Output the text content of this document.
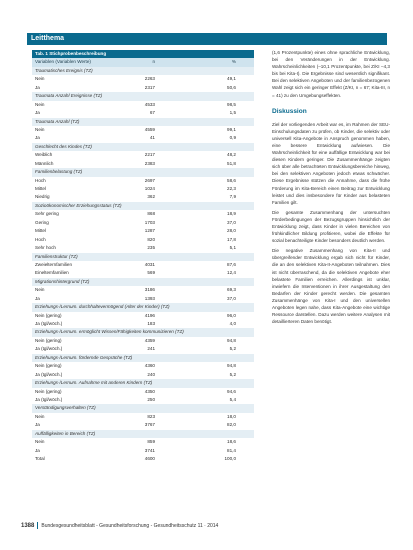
Leitthema
Tab. 1 Stichprobenbeschreibung
Variablen (Variablen Werte)	n	%
Traumatisches Ereignis (TZ)
Nein	2263	49,1
Ja	2317	50,6
Traumata Anzahl Ereignisse (TZ)
Nein	4533	98,5
Ja	67	1,5
Traumata Anzahl (TZ)
Nein	4559	99,1
Ja	41	0,9
Geschlecht des Kindes (TZ)
Weiblich	2217	48,2
Männlich	2383	51,8
Familienbelastung (TZ)
Hoch	2697	58,6
Mittel	1024	22,3
Niedrig	362	7,9
Sozioökonomischer Erziehungsstatus (TZ)
Sehr gering	868	18,9
Gering	1703	37,0
Mittel	1287	28,0
Hoch	820	17,8
Sehr hoch	235	5,1
Familienstruktur (TZ)
Zweielternfamilien	4031	87,6
Eineltemfamilien	569	12,4
Migrationshintergrund (TZ)
Nein	3186	69,3
Ja	1393	37,0
Erziehungs-/Lernum. durchhaltevermögend (Alter der Kinder) (TZ)
Nein (gering)	4196	96,0
Ja (tgl/wöch.)	183	4,0
Erziehungs-/Lernum. ermöglicht Wissen/Fähigkeiten kommunizieren (TZ)
Nein (gering)	4359	94,8
Ja (tgl/wöch.)	241	5,2
Erziehungs-/Lernum. fördernde Gespräche (TZ)
Nein (gering)	4360	94,8
Ja (tgl/wöch.)	240	5,2
Erziehungs-/Lernum. Aufnahme mit anderen Kindern (TZ)
Nein (gering)	4350	94,6
Ja (tgl/wöch.)	250	5,4
Verständigungsverhalten (TZ)
Nein	823	18,0
Ja	3767	82,0
Auffälligkeiten in Bereich (TZ)
Nein	859	18,6
Ja	3741	81,4
Total	4600	100,0

(1,6 Prozentpunkte) eines ohne sprachliche Entwicklung, bei den Veränderungen in der Entwicklung. Wahrscheinlichkeiten (–10,1 Prozentpunkte, bei Z/KI –4,3 bis bei Kita-I). Die Ergebnisse sind wesentlich signifikant. Bei den selektiven Angeboten und der familienbezogenen Wahl zeigt sich ein geringer Effekt (Z/KI, n = 67; Kita-III, n = 41) zu den Umgebungseffekten.

Diskussion

Ziel der vorliegenden Arbeit war es, im Rahmen der SEU-Einschulungsdaten zu prüfen, ob Kinder, die selektiv oder universell Kita-Angebote in Anspruch genommen haben, eine bessere Entwicklung aufwiesen. Die Wahrscheinlichkeit für eine auffällige Entwicklung war bei diesen Kindern geringer. Die Zusammenhänge zeigten sich über alle betrachteten Entwicklungsbereiche hinweg, bei den selektiven Angeboten jedoch etwas schwächer. Diese Ergebnisse stützen die Annahme, dass die frühe Förderung im Kita-Bereich einen Beitrag zur Entwicklung leistet und dies insbesondere für Kinder aus belasteten Familien gilt.

Die gesamte Zusammenhang der untersuchten Förderbedingungen der Bezugsgruppen hinsichtlich der Entwicklung zeigt, dass Kinder in vielen Bereichen von frühkindlicher Bildung profitieren, wobei die Effekte für sozial benachteiligte Kinder besonders deutlich werden.

Die negative Zusammenhang von Kita-II und übergreifender Entwicklung ergab sich nicht für Kinder, die an den selektiven Kita-II-Angeboten teilnahmen. Dies ist nicht überraschend, da die selektiven Angebote eher belastete Familien erreichen. Allerdings ist unklar, inwiefern die Interventionen in ihrer Ausgestaltung den Bedarfen der Kinder gerecht werden. Die gesamten Zusammenhänge von Kita-I und den universellen Angeboten legen nahe, dass Kita-Angebote eine wichtige Ressource darstellen. Dazu werden weitere Analysen mit detaillierteren Daten benötigt.

1388 Bundesgesundheitsblatt - Gesundheitsforschung - Gesundheitsschutz 11 · 2014
